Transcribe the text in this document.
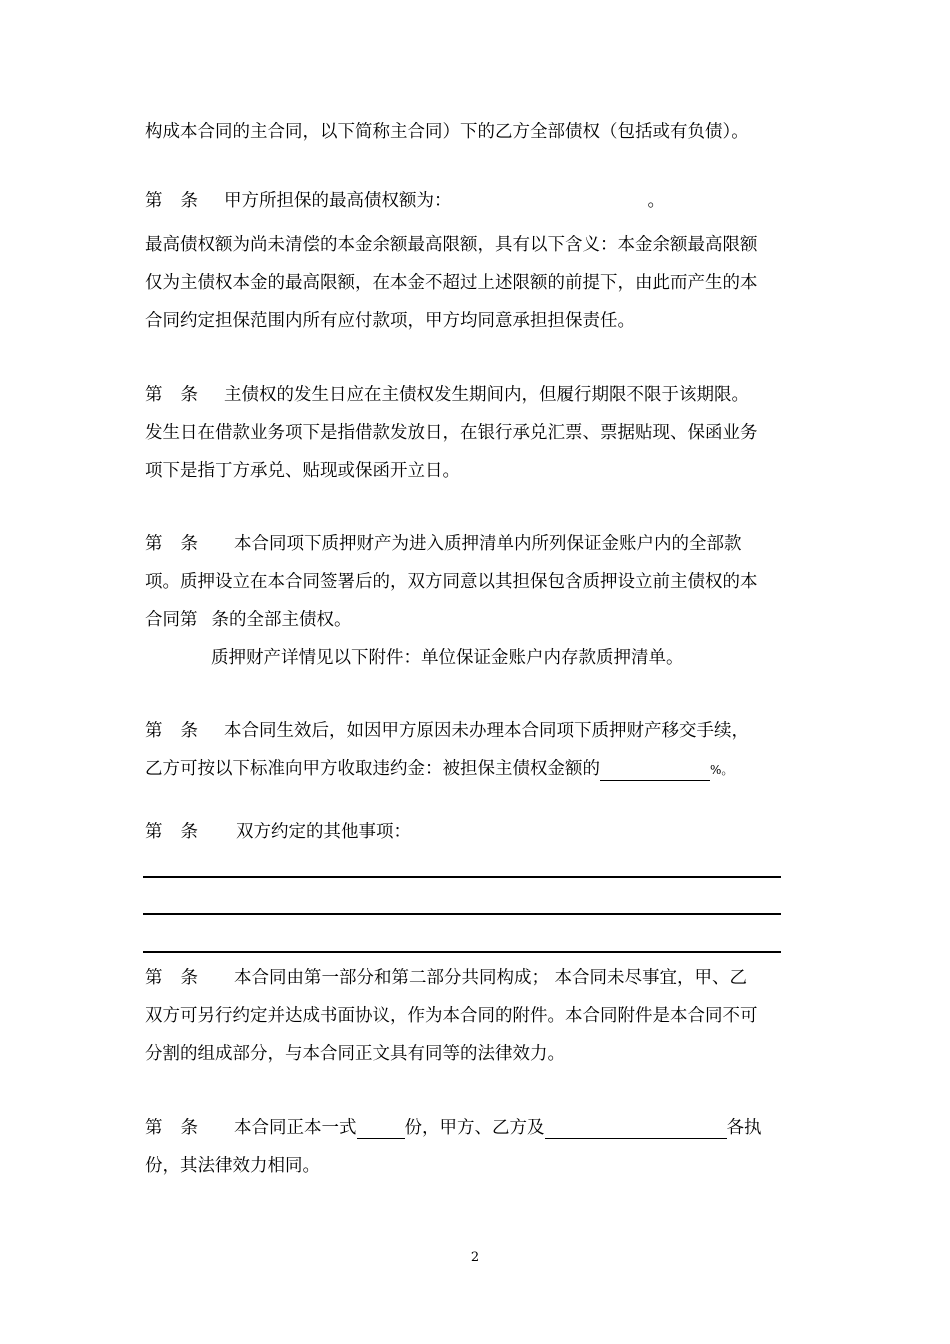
构成本合同的主合同，以下简称主合同）下的乙方全部债权（包括或有负债）。
第 条 甲方所担保的最高债权额为：	。
最高债权额为尚未清偿的本金余额最高限额，具有以下含义：本金余额最高限额
仅为主债权本金的最高限额，在本金不超过上述限额的前提下，由此而产生的本
合同约定担保范围内所有应付款项，甲方均同意承担担保责任。
第 条 主债权的发生日应在主债权发生期间内，但履行期限不限于该期限。
发生日在借款业务项下是指借款发放日，在银行承兑汇票、票据贴现、保函业务
项下是指丁方承兑、贴现或保函开立日。
第 条 本合同项下质押财产为进入质押清单内所列保证金账户内的全部款
项。质押设立在本合同签署后的，双方同意以其担保包含质押设立前主债权的本
合同第 条的全部主债权。
质押财产详情见以下附件：单位保证金账户内存款质押清单。
第 条 本合同生效后，如因甲方原因未办理本合同项下质押财产移交手续，
乙方可按以下标准向甲方收取违约金：被担保主债权金额的	%。
第 条 双方约定的其他事项：
第 条 本合同由第一部分和第二部分共同构成； 本合同未尽事宜，甲、乙
双方可另行约定并达成书面协议，作为本合同的附件。本合同附件是本合同不可
分割的组成部分，与本合同正文具有同等的法律效力。
第 条 本合同正本一式	份，甲方、乙方及	各执
份，其法律效力相同。
2
